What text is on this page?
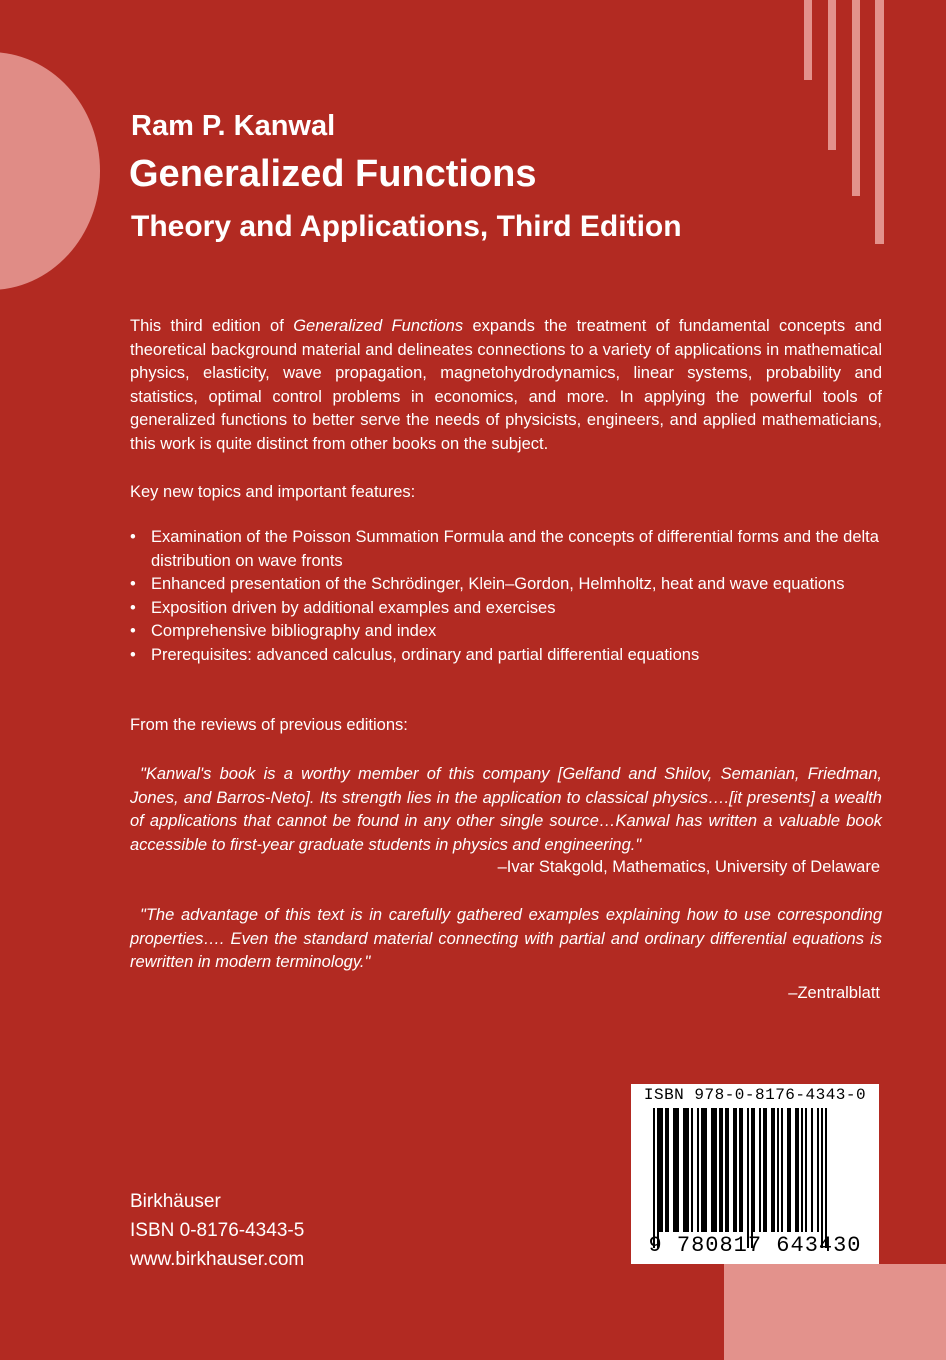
Ram P. Kanwal
Generalized Functions
Theory and Applications, Third Edition

This third edition of Generalized Functions expands the treatment of fundamental concepts and theoretical background material and delineates connections to a variety of applications in mathematical physics, elasticity, wave propagation, magnetohydrodynamics, linear systems, probability and statistics, optimal control problems in economics, and more. In applying the powerful tools of generalized functions to better serve the needs of physicists, engineers, and applied mathematicians, this work is quite distinct from other books on the subject.

Key new topics and important features:

• Examination of the Poisson Summation Formula and the concepts of differential forms and the delta distribution on wave fronts
• Enhanced presentation of the Schrödinger, Klein–Gordon, Helmholtz, heat and wave equations
• Exposition driven by additional examples and exercises
• Comprehensive bibliography and index
• Prerequisites: advanced calculus, ordinary and partial differential equations

From the reviews of previous editions:

"Kanwal's book is a worthy member of this company [Gelfand and Shilov, Semanian, Friedman, Jones, and Barros-Neto]. Its strength lies in the application to classical physics….[it presents] a wealth of applications that cannot be found in any other single source…Kanwal has written a valuable book accessible to first-year graduate students in physics and engineering."

–Ivar Stakgold, Mathematics, University of Delaware

"The advantage of this text is in carefully gathered examples explaining how to use corresponding properties…. Even the standard material connecting with partial and ordinary differential equations is rewritten in modern terminology."

–Zentralblatt

Birkhäuser
ISBN 0-8176-4343-5
www.birkhauser.com
ISBN 978-0-8176-4343-0
9 780817 643430
